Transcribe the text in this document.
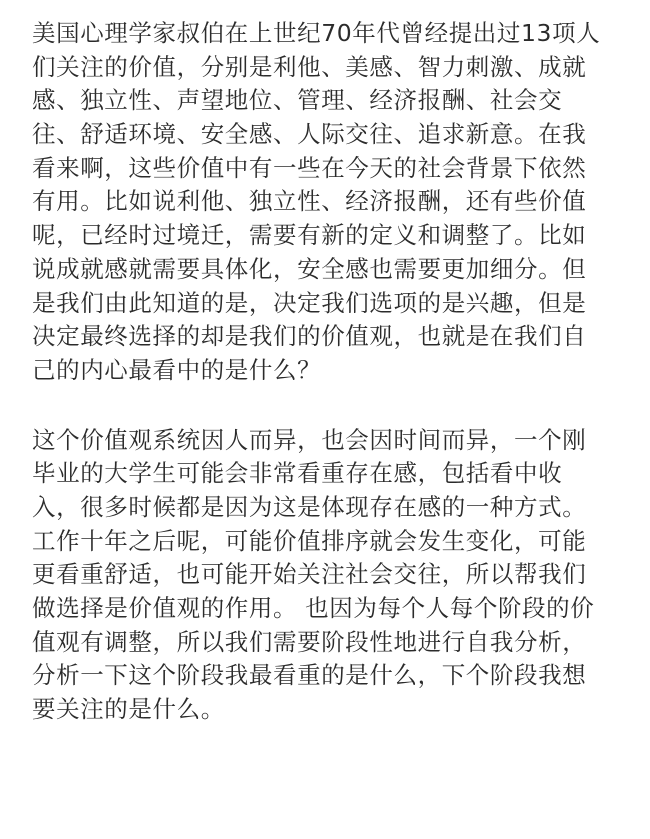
美国心理学家叔伯在上世纪70年代曾经提出过13项人
们关注的价值，分别是利他、美感、智力刺激、成就
感、独立性、声望地位、管理、经济报酬、社会交
往、舒适环境、安全感、人际交往、追求新意。在我
看来啊，这些价值中有一些在今天的社会背景下依然
有用。比如说利他、独立性、经济报酬，还有些价值
呢，已经时过境迁，需要有新的定义和调整了。比如
说成就感就需要具体化，安全感也需要更加细分。但
是我们由此知道的是，决定我们选项的是兴趣，但是
决定最终选择的却是我们的价值观，也就是在我们自
己的内心最看中的是什么？
这个价值观系统因人而异，也会因时间而异，一个刚
毕业的大学生可能会非常看重存在感，包括看中收
入，很多时候都是因为这是体现存在感的一种方式。
工作十年之后呢，可能价值排序就会发生变化，可能
更看重舒适，也可能开始关注社会交往，所以帮我们
做选择是价值观的作用。 也因为每个人每个阶段的价
值观有调整，所以我们需要阶段性地进行自我分析，
分析一下这个阶段我最看重的是什么，下个阶段我想
要关注的是什么。
